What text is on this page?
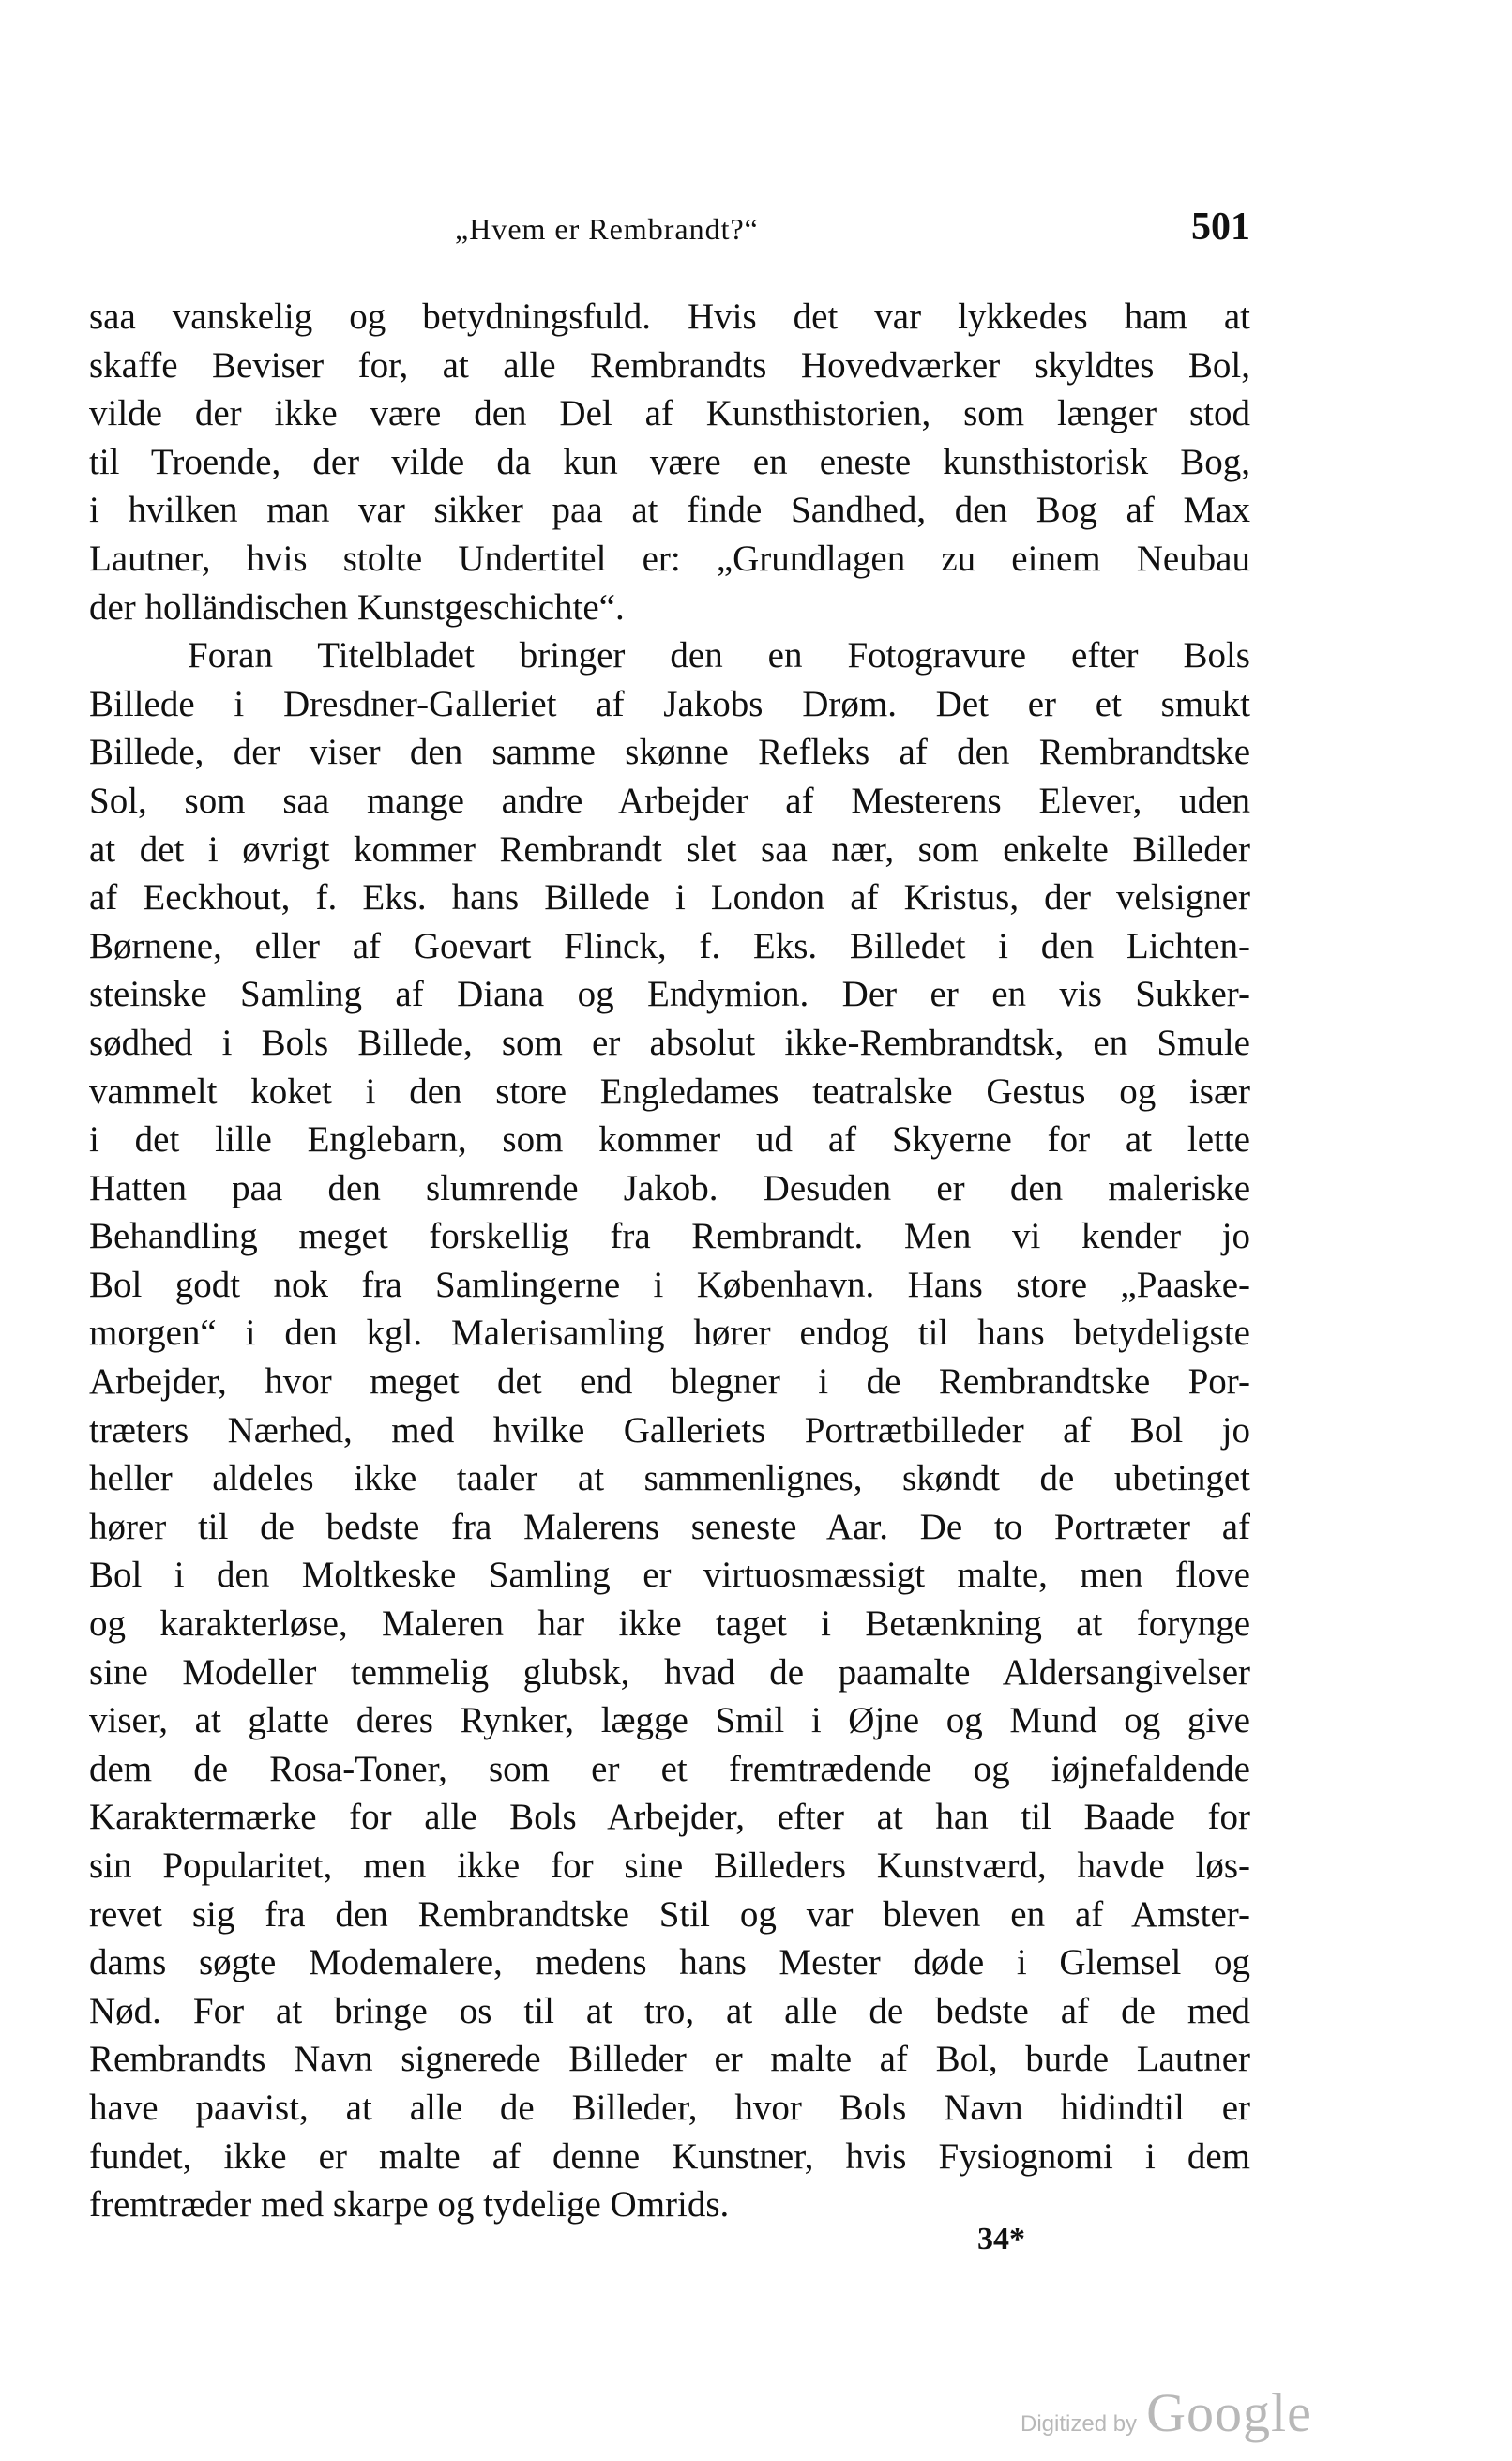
„Hvem er Rembrandt?“	501
saa vanskelig og betydningsfuld. Hvis det var lykkedes ham at
skaffe Beviser for, at alle Rembrandts Hovedværker skyldtes Bol,
vilde der ikke være den Del af Kunsthistorien, som længer stod
til Troende, der vilde da kun være en eneste kunsthistorisk Bog,
i hvilken man var sikker paa at finde Sandhed, den Bog af Max
Lautner, hvis stolte Undertitel er: „Grundlagen zu einem Neubau
der holländischen Kunstgeschichte“.
Foran Titelbladet bringer den en Fotogravure efter Bols
Billede i Dresdner-Galleriet af Jakobs Drøm. Det er et smukt
Billede, der viser den samme skønne Refleks af den Rembrandtske
Sol, som saa mange andre Arbejder af Mesterens Elever, uden
at det i øvrigt kommer Rembrandt slet saa nær, som enkelte Billeder
af Eeckhout, f. Eks. hans Billede i London af Kristus, der velsigner
Børnene, eller af Goevart Flinck, f. Eks. Billedet i den Lichten-
steinske Samling af Diana og Endymion. Der er en vis Sukker-
sødhed i Bols Billede, som er absolut ikke-Rembrandtsk, en Smule
vammelt koket i den store Engledames teatralske Gestus og især
i det lille Englebarn, som kommer ud af Skyerne for at lette
Hatten paa den slumrende Jakob. Desuden er den maleriske
Behandling meget forskellig fra Rembrandt. Men vi kender jo
Bol godt nok fra Samlingerne i København. Hans store „Paaske-
morgen“ i den kgl. Malerisamling hører endog til hans betydeligste
Arbejder, hvor meget det end blegner i de Rembrandtske Por-
træters Nærhed, med hvilke Galleriets Portrætbilleder af Bol jo
heller aldeles ikke taaler at sammenlignes, skøndt de ubetinget
hører til de bedste fra Malerens seneste Aar. De to Portræter af
Bol i den Moltkeske Samling er virtuosmæssigt malte, men flove
og karakterløse, Maleren har ikke taget i Betænkning at forynge
sine Modeller temmelig glubsk, hvad de paamalte Aldersangivelser
viser, at glatte deres Rynker, lægge Smil i Øjne og Mund og give
dem de Rosa-Toner, som er et fremtrædende og iøjnefaldende
Karaktermærke for alle Bols Arbejder, efter at han til Baade for
sin Popularitet, men ikke for sine Billeders Kunstværd, havde løs-
revet sig fra den Rembrandtske Stil og var bleven en af Amster-
dams søgte Modemalere, medens hans Mester døde i Glemsel og
Nød. For at bringe os til at tro, at alle de bedste af de med
Rembrandts Navn signerede Billeder er malte af Bol, burde Lautner
have paavist, at alle de Billeder, hvor Bols Navn hidindtil er
fundet, ikke er malte af denne Kunstner, hvis Fysiognomi i dem
fremtræder med skarpe og tydelige Omrids.
34*
Digitized by Google
